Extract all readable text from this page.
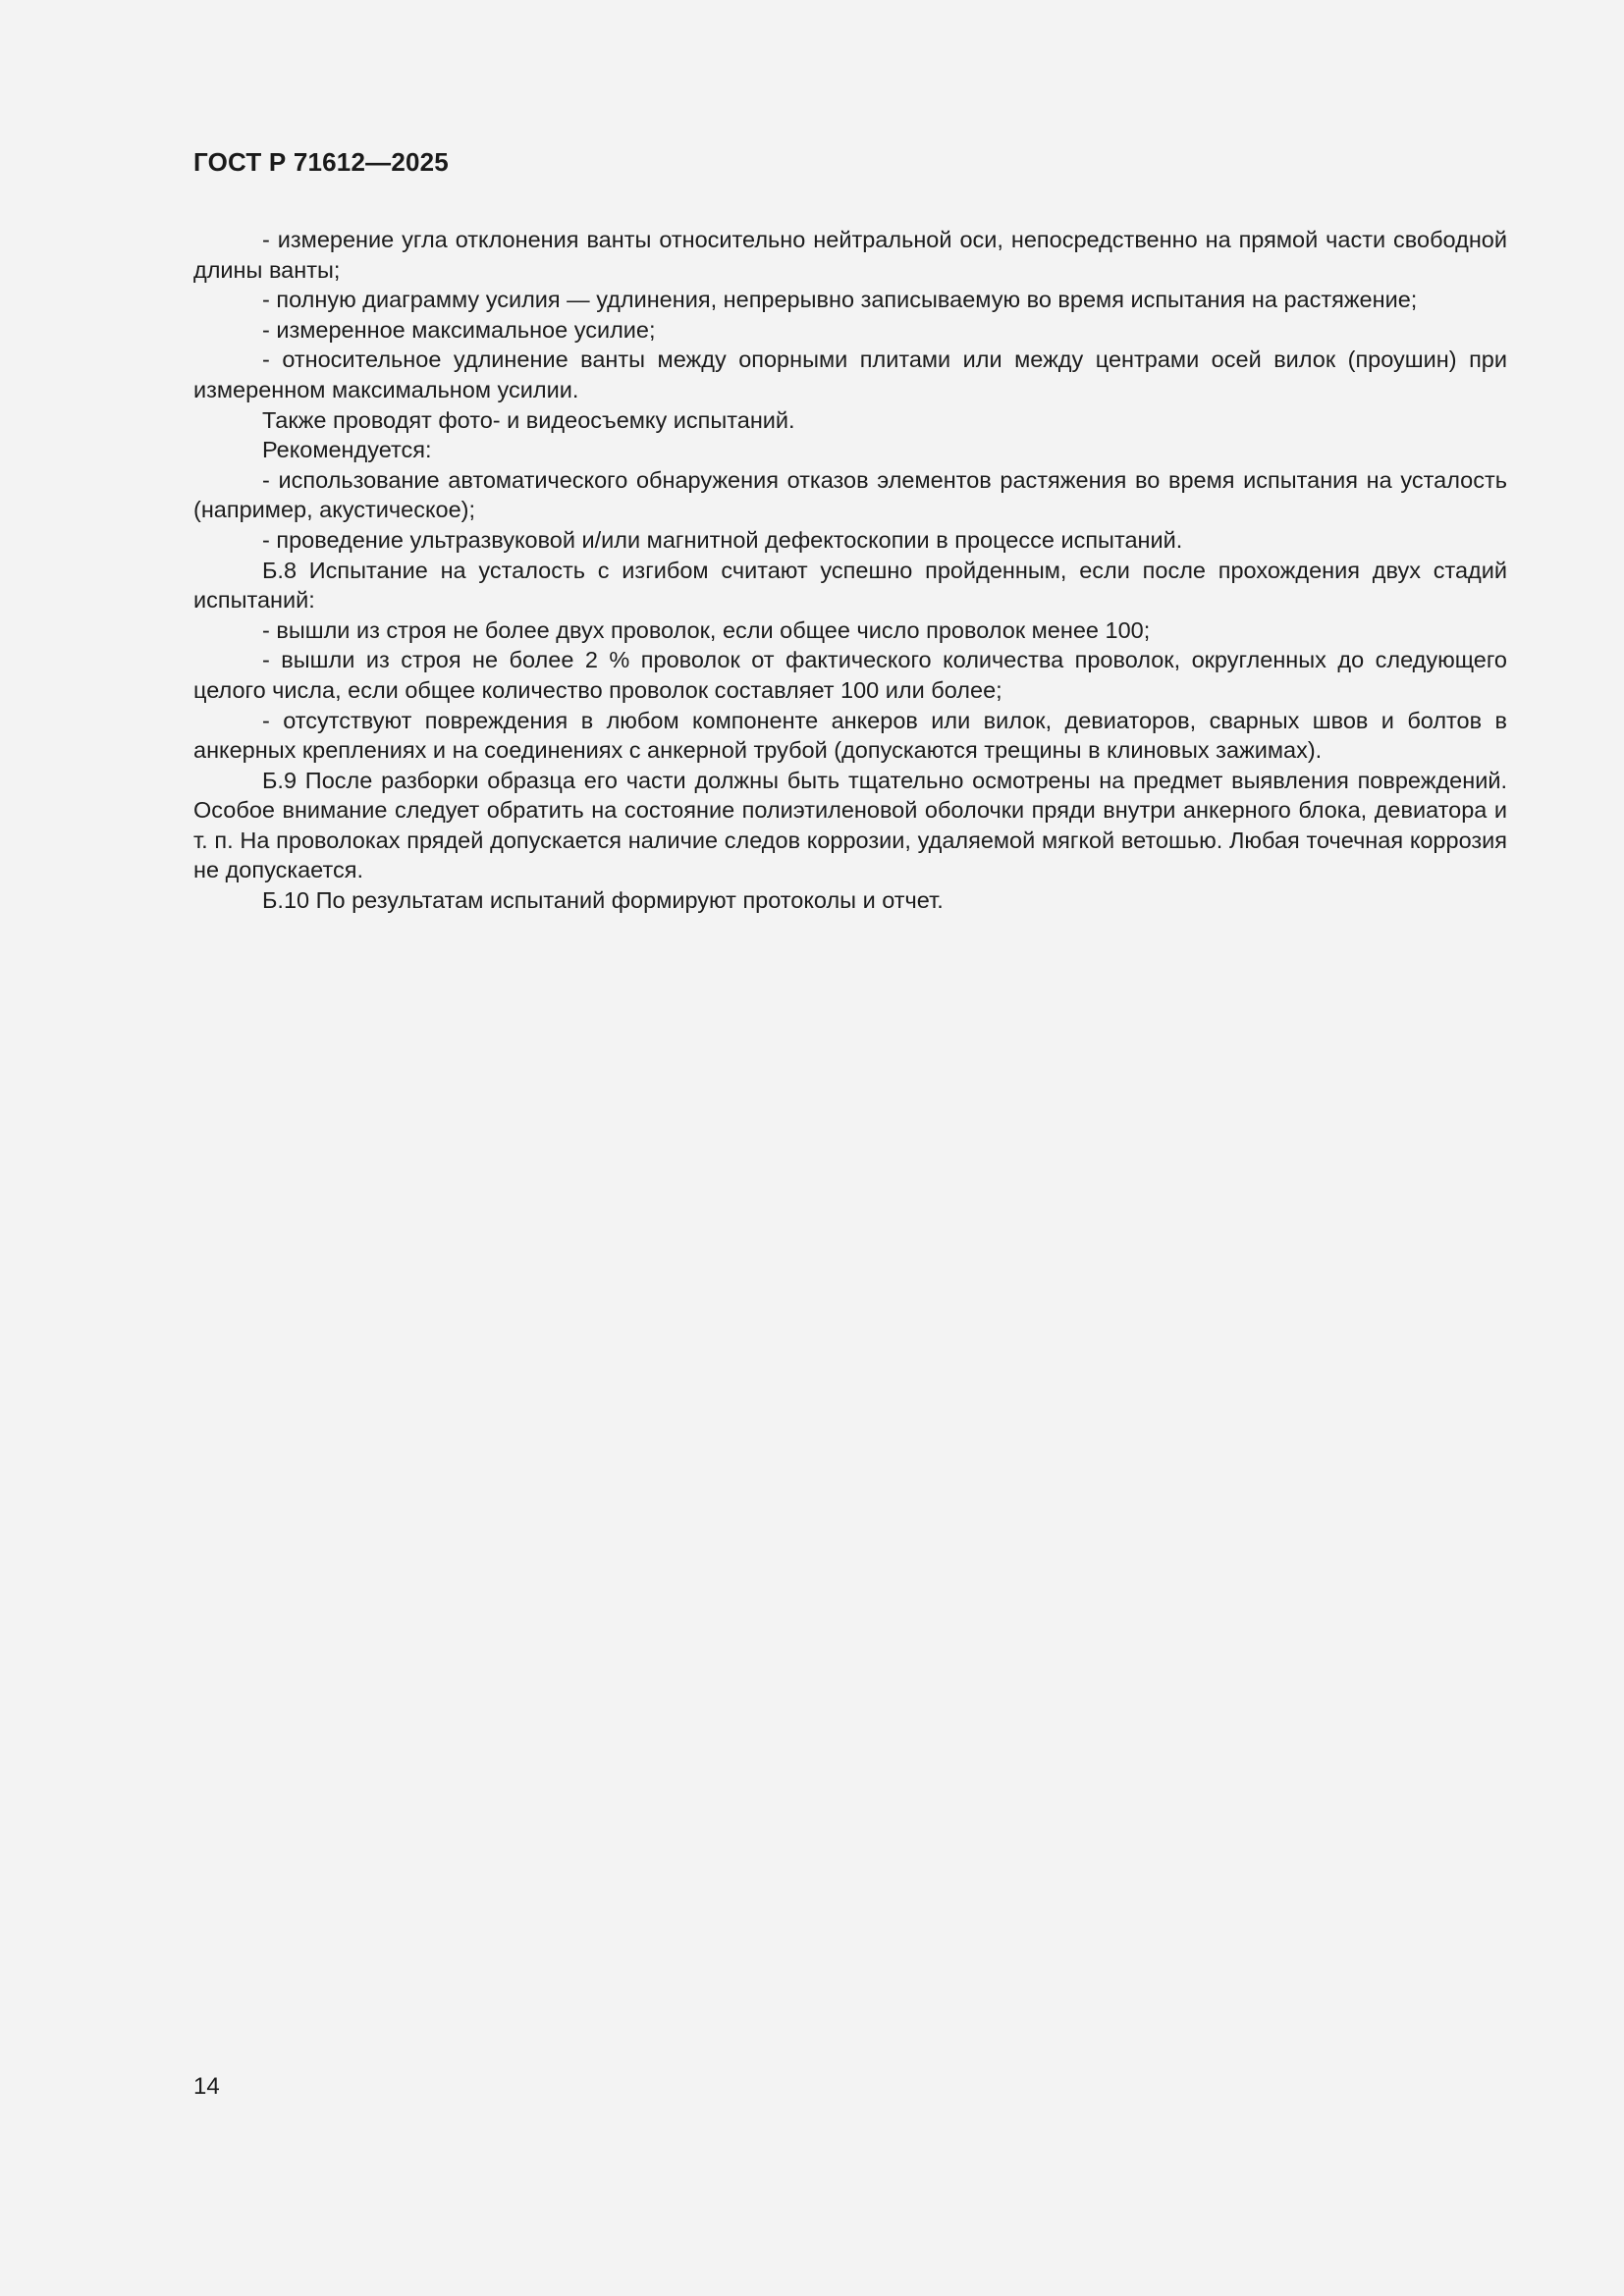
ГОСТ Р 71612—2025

- измерение угла отклонения ванты относительно нейтральной оси, непосредственно на прямой части свободной длины ванты;

- полную диаграмму усилия — удлинения, непрерывно записываемую во время испытания на растяжение;

- измеренное максимальное усилие;

- относительное удлинение ванты между опорными плитами или между центрами осей вилок (проушин) при измеренном максимальном усилии.

Также проводят фото- и видеосъемку испытаний.

Рекомендуется:

- использование автоматического обнаружения отказов элементов растяжения во время испытания на усталость (например, акустическое);

- проведение ультразвуковой и/или магнитной дефектоскопии в процессе испытаний.

Б.8 Испытание на усталость с изгибом считают успешно пройденным, если после прохождения двух стадий испытаний:

- вышли из строя не более двух проволок, если общее число проволок менее 100;

- вышли из строя не более 2 % проволок от фактического количества проволок, округленных до следующего целого числа, если общее количество проволок составляет 100 или более;

- отсутствуют повреждения в любом компоненте анкеров или вилок, девиаторов, сварных швов и болтов в анкерных креплениях и на соединениях с анкерной трубой (допускаются трещины в клиновых зажимах).

Б.9 После разборки образца его части должны быть тщательно осмотрены на предмет выявления повреждений. Особое внимание следует обратить на состояние полиэтиленовой оболочки пряди внутри анкерного блока, девиатора и т. п. На проволоках прядей допускается наличие следов коррозии, удаляемой мягкой ветошью. Любая точечная коррозия не допускается.

Б.10 По результатам испытаний формируют протоколы и отчет.

14
